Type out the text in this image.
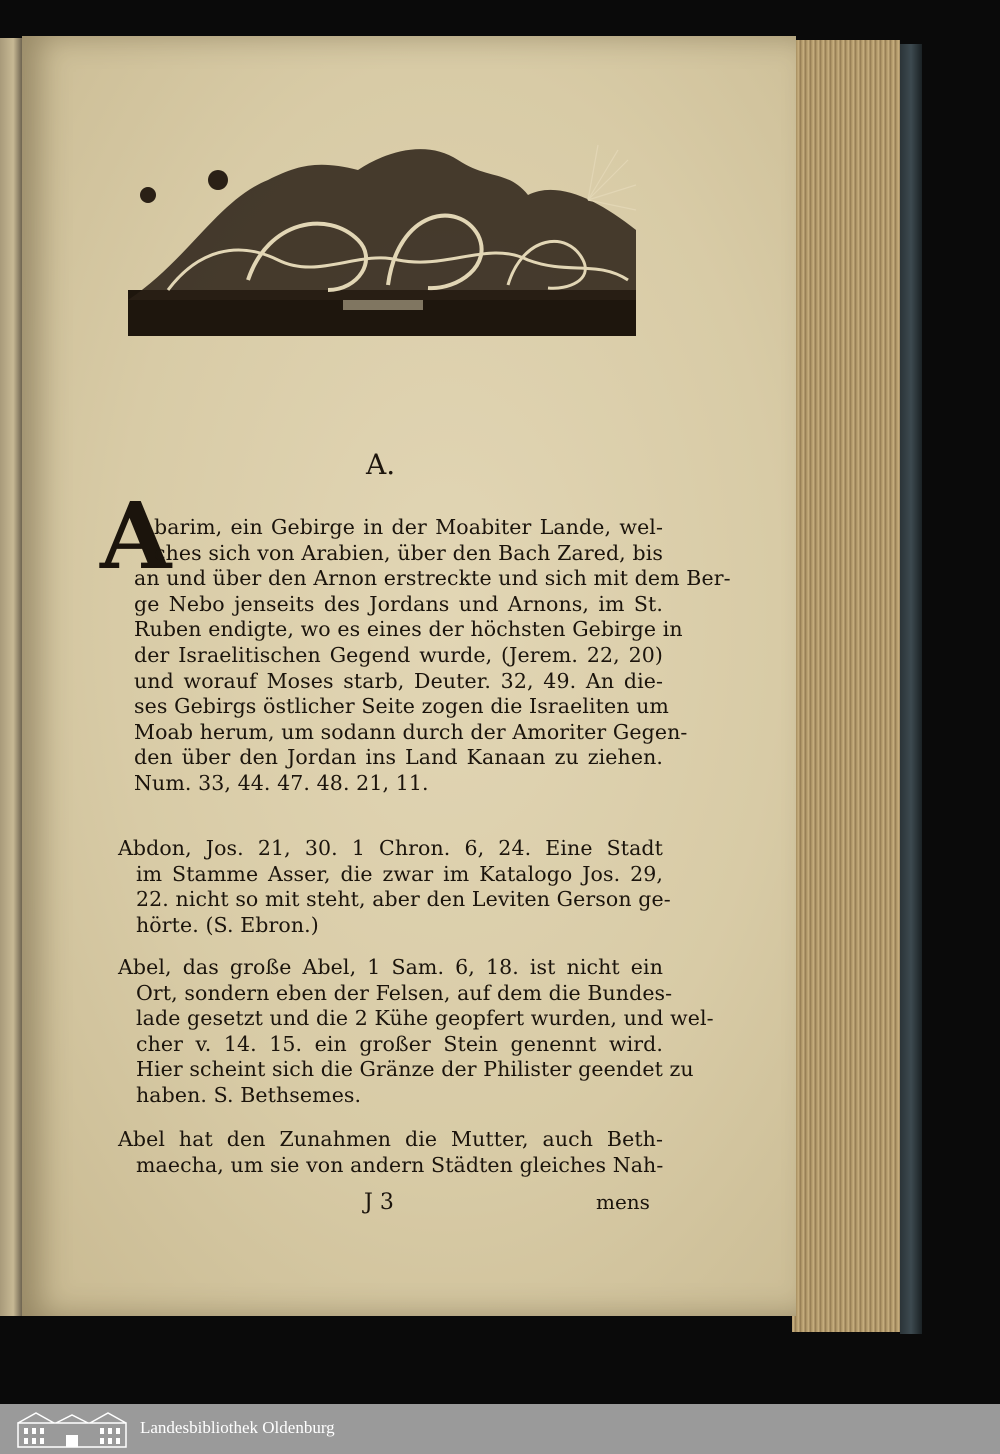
A.
A
barim, ein Gebirge in der Moabiter Lande, wel-
ches sich von Arabien, über den Bach Zared, bis
an und über den Arnon erstreckte und sich mit dem Ber-
ge Nebo jenseits des Jordans und Arnons, im St.
Ruben endigte, wo es eines der höchsten Gebirge in
der Israelitischen Gegend wurde, (Jerem. 22, 20)
und worauf Moses starb, Deuter. 32, 49. An die-
ses Gebirgs östlicher Seite zogen die Israeliten um
Moab herum, um sodann durch der Amoriter Gegen-
den über den Jordan ins Land Kanaan zu ziehen.
Num. 33, 44. 47. 48. 21, 11.
Abdon, Jos. 21, 30. 1 Chron. 6, 24. Eine Stadt
im Stamme Asser, die zwar im Katalogo Jos. 29,
22. nicht so mit steht, aber den Leviten Gerson ge-
hörte. (S. Ebron.)
Abel, das große Abel, 1 Sam. 6, 18. ist nicht ein
Ort, sondern eben der Felsen, auf dem die Bundes-
lade gesetzt und die 2 Kühe geopfert wurden, und wel-
cher v. 14. 15. ein großer Stein genennt wird.
Hier scheint sich die Gränze der Philister geendet zu
haben. S. Bethsemes.
Abel hat den Zunahmen die Mutter, auch Beth-
maecha, um sie von andern Städten gleiches Nah-
J 3	mens
Landesbibliothek Oldenburg
